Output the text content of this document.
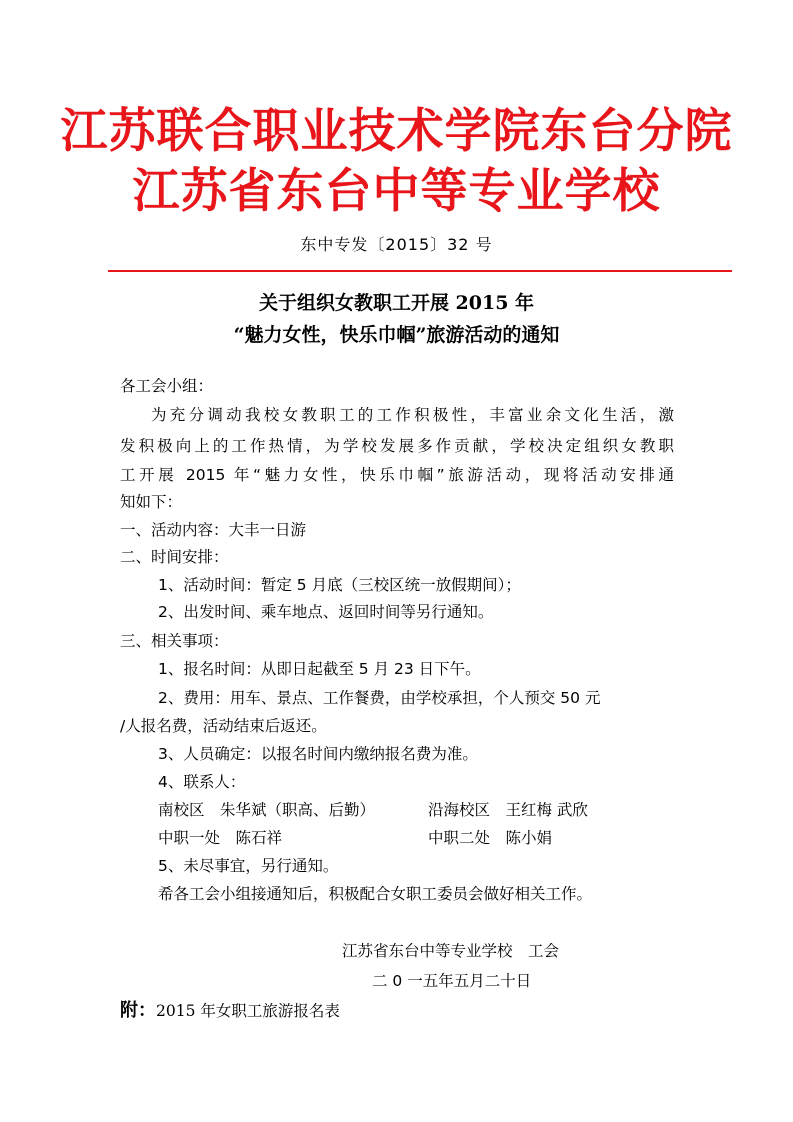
江苏联合职业技术学院东台分院
江苏省东台中等专业学校
东中专发〔2015〕32 号
关于组织女教职工开展 2015 年
“魅力女性，快乐巾帼”旅游活动的通知
各工会小组：
为充分调动我校女教职工的工作积极性，丰富业余文化生活，激
发积极向上的工作热情，为学校发展多作贡献，学校决定组织女教职
工开展 2015 年“魅力女性，快乐巾帼”旅游活动，现将活动安排通
知如下：
一、活动内容：大丰一日游
二、时间安排：
1、活动时间：暂定 5 月底（三校区统一放假期间）；
2、出发时间、乘车地点、返回时间等另行通知。
三、相关事项：
1、报名时间：从即日起截至 5 月 23 日下午。
2、费用：用车、景点、工作餐费，由学校承担，个人预交 50 元
/人报名费，活动结束后返还。
3、人员确定：以报名时间内缴纳报名费为准。
4、联系人：
南校区　朱华斌（职高、后勤）	沿海校区　王红梅 武欣
中职一处　陈石祥	中职二处　陈小娟
5、未尽事宜，另行通知。
希各工会小组接通知后，积极配合女职工委员会做好相关工作。
江苏省东台中等专业学校　工会
二 0 一五年五月二十日
附：2015 年女职工旅游报名表
